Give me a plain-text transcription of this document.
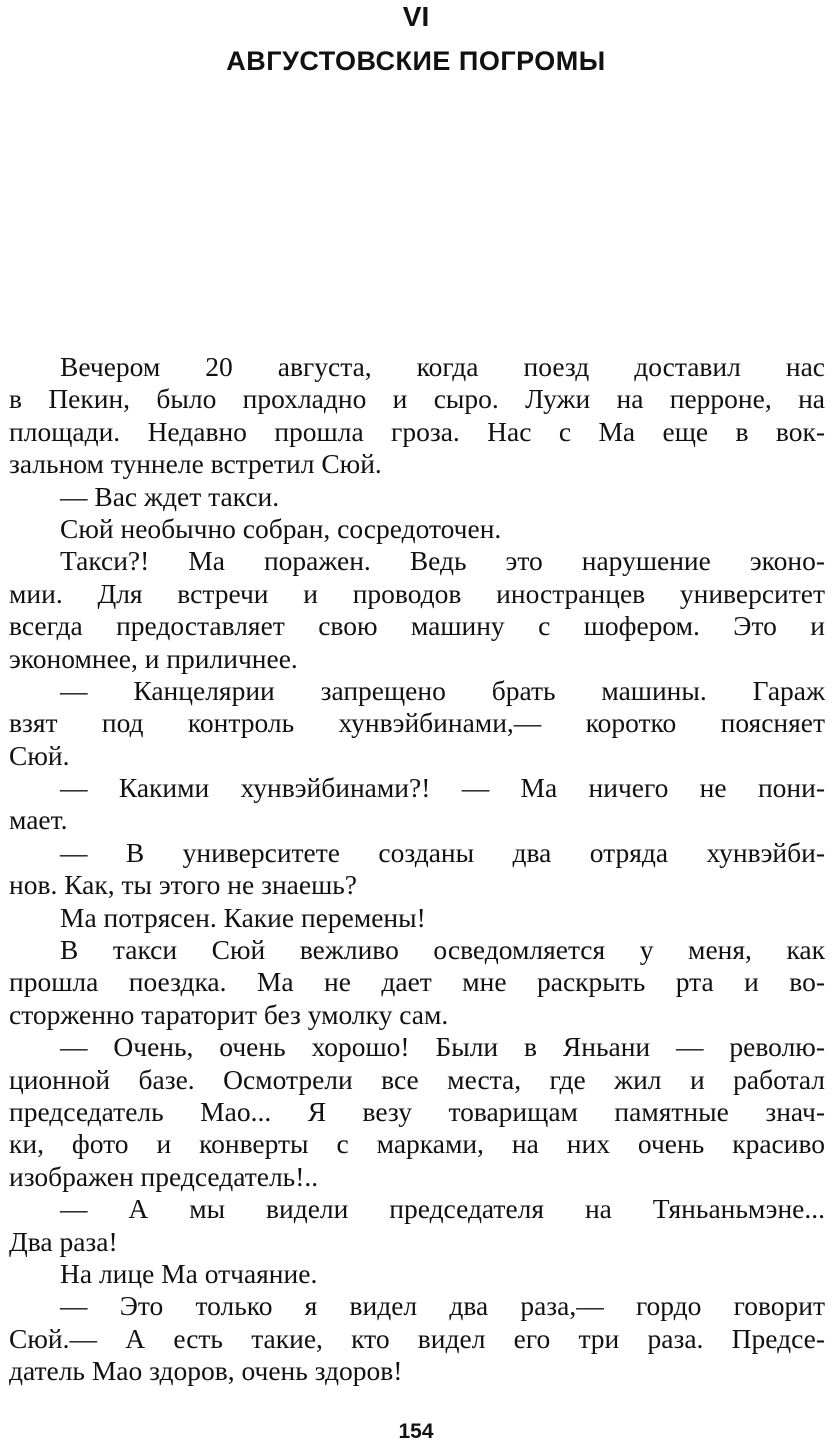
VI
АВГУСТОВСКИЕ ПОГРОМЫ
Вечером 20 августа, когда поезд доставил нас
в Пекин, было прохладно и сыро. Лужи на перроне, на
площади. Недавно прошла гроза. Нас с Ма еще в вок-
зальном туннеле встретил Сюй.
— Вас ждет такси.
Сюй необычно собран, сосредоточен.
Такси?! Ма поражен. Ведь это нарушение эконо-
мии. Для встречи и проводов иностранцев университет
всегда предоставляет свою машину с шофером. Это и
экономнее, и приличнее.
— Канцелярии запрещено брать машины. Гараж
взят под контроль хунвэйбинами,— коротко поясняет
Сюй.
— Какими хунвэйбинами?! — Ма ничего не пони-
мает.
— В университете созданы два отряда хунвэйби-
нов. Как, ты этого не знаешь?
Ма потрясен. Какие перемены!
В такси Сюй вежливо осведомляется у меня, как
прошла поездка. Ма не дает мне раскрыть рта и во-
сторженно тараторит без умолку сам.
— Очень, очень хорошо! Были в Яньани — револю-
ционной базе. Осмотрели все места, где жил и работал
председатель Мао... Я везу товарищам памятные знач-
ки, фото и конверты с марками, на них очень красиво
изображен председатель!..
— А мы видели председателя на Тяньаньмэне...
Два раза!
На лице Ма отчаяние.
— Это только я видел два раза,— гордо говорит
Сюй.— А есть такие, кто видел его три раза. Предсе-
датель Мао здоров, очень здоров!
154
